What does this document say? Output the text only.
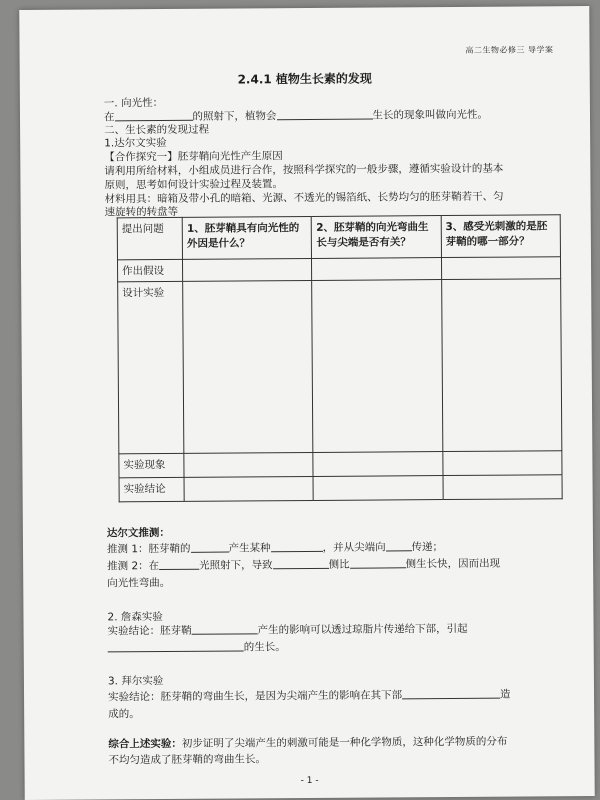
高二生物必修三 导学案
2.4.1 植物生长素的发现
一. 向光性：
在	的照射下，植物会	生长的现象叫做向光性。
二、生长素的发现过程
1.达尔文实验
【合作探究一】胚芽鞘向光性产生原因
请利用所给材料，小组成员进行合作，按照科学探究的一般步骤，遵循实验设计的基本
原则，思考如何设计实验过程及装置。
材料用具：暗箱及带小孔的暗箱、光源、不透光的锡箔纸、长势均匀的胚芽鞘若干、匀
速旋转的转盘等
提出问题	1、胚芽鞘具有向光性的外因是什么？	2、胚芽鞘的向光弯曲生长与尖端是否有关？	3、感受光刺激的是胚芽鞘的哪一部分？
作出假设			
设计实验			
实验现象			
实验结论			
达尔文推测：
推测 1：胚芽鞘的	产生某种	，并从尖端向 传递；
推测 2：在	光照射下，导致	侧比	侧生长快，因而出现
向光性弯曲。
2. 詹森实验
实验结论：胚芽鞘	产生的影响可以透过琼脂片传递给下部，引起
的生长。
3. 拜尔实验
实验结论：胚芽鞘的弯曲生长，是因为尖端产生的影响在其下部	造
成的。
综合上述实验：初步证明了尖端产生的刺激可能是一种化学物质，这种化学物质的分布
不均匀造成了胚芽鞘的弯曲生长。
- 1 -
